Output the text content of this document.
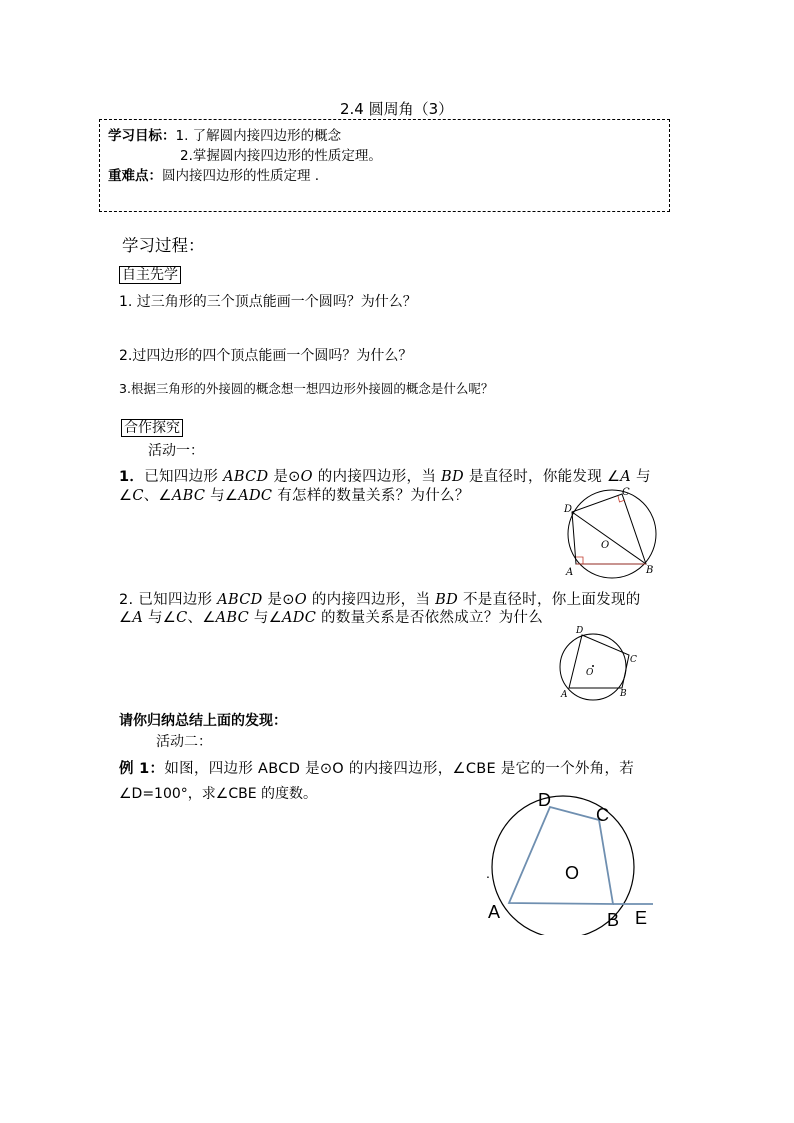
2.4 圆周角（3）
学习目标：1. 了解圆内接四边形的概念
2.掌握圆内接四边形的性质定理。
重难点：圆内接四边形的性质定理 .
学习过程：
自主先学
1. 过三角形的三个顶点能画一个圆吗？为什么？
2.过四边形的四个顶点能画一个圆吗？为什么？
3.根据三角形的外接圆的概念想一想四边形外接圆的概念是什么呢？
合作探究
活动一：
1．已知四边形 ABCD 是⊙O 的内接四边形，当 BD 是直径时，你能发现 ∠A 与
∠C、∠ABC 与∠ADC 有怎样的数量关系？为什么？
D
C
O
A	B
2. 已知四边形 ABCD 是⊙O 的内接四边形，当 BD 不是直径时，你上面发现的
∠A 与∠C、∠ABC 与∠ADC 的数量关系是否依然成立？为什么
D
C
O
A	B
请你归纳总结上面的发现：
活动二：
例 1：如图，四边形 ABCD 是⊙O 的内接四边形，∠CBE 是它的一个外角，若
∠D=100°，求∠CBE 的度数。	D
C
O
.
A	B E
